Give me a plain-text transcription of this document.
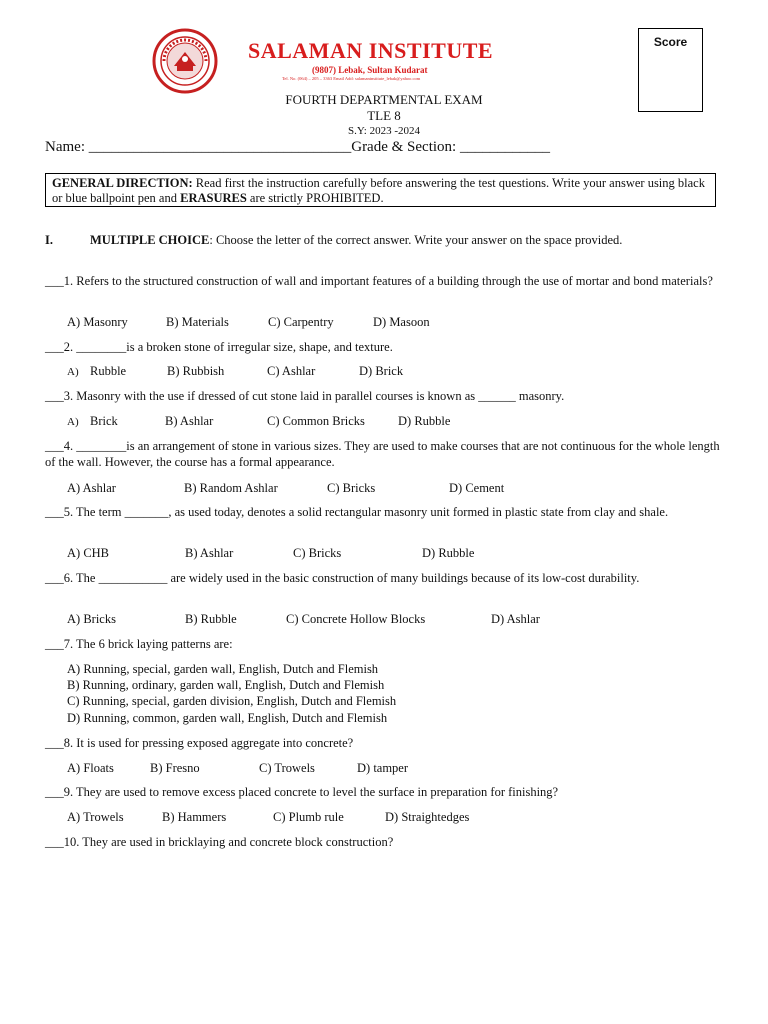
SALAMAN INSTITUTE
(9807) Lebak, Sultan Kudarat
Tel. No. (064) – 205 – 3363 Email Add: salamaninstitute_lebak@yahoo.com
Score
FOURTH DEPARTMENTAL EXAM
TLE 8
S.Y: 2023 -2024
Name: ___________________________________Grade & Section: ____________
GENERAL DIRECTION: Read first the instruction carefully before answering the test questions. Write your answer using black or blue ballpoint pen and ERASURES are strictly PROHIBITED.
I.	MULTIPLE CHOICE: Choose the letter of the correct answer. Write your answer on the space provided.
___1. Refers to the structured construction of wall and important features of a building through the use of mortar and bond materials?
A) Masonry	B) Materials	C) Carpentry	D) Masoon
___2. ________is a broken stone of irregular size, shape, and texture.
A) Rubble	B) Rubbish	C) Ashlar	D) Brick
___3. Masonry with the use if dressed of cut stone laid in parallel courses is known as ______ masonry.
A) Brick	B) Ashlar	C) Common Bricks	D) Rubble
___4. ________is an arrangement of stone in various sizes. They are used to make courses that are not continuous for the whole length of the wall. However, the course has a formal appearance.
A) Ashlar	B) Random Ashlar	C) Bricks	D) Cement
___5. The term _______, as used today, denotes a solid rectangular masonry unit formed in plastic state from clay and shale.
A) CHB	B) Ashlar	C) Bricks	D) Rubble
___6. The ___________ are widely used in the basic construction of many buildings because of its low-cost durability.
A) Bricks	B) Rubble	C) Concrete Hollow Blocks	D) Ashlar
___7. The 6 brick laying patterns are:
A) Running, special, garden wall, English, Dutch and Flemish
B) Running, ordinary, garden wall, English, Dutch and Flemish
C) Running, special, garden division, English, Dutch and Flemish
D) Running, common, garden wall, English, Dutch and Flemish
___8. It is used for pressing exposed aggregate into concrete?
A) Floats	B) Fresno	C) Trowels	D) tamper
___9. They are used to remove excess placed concrete to level the surface in preparation for finishing?
A) Trowels	B) Hammers	C) Plumb rule	D) Straightedges
___10. They are used in bricklaying and concrete block construction?
